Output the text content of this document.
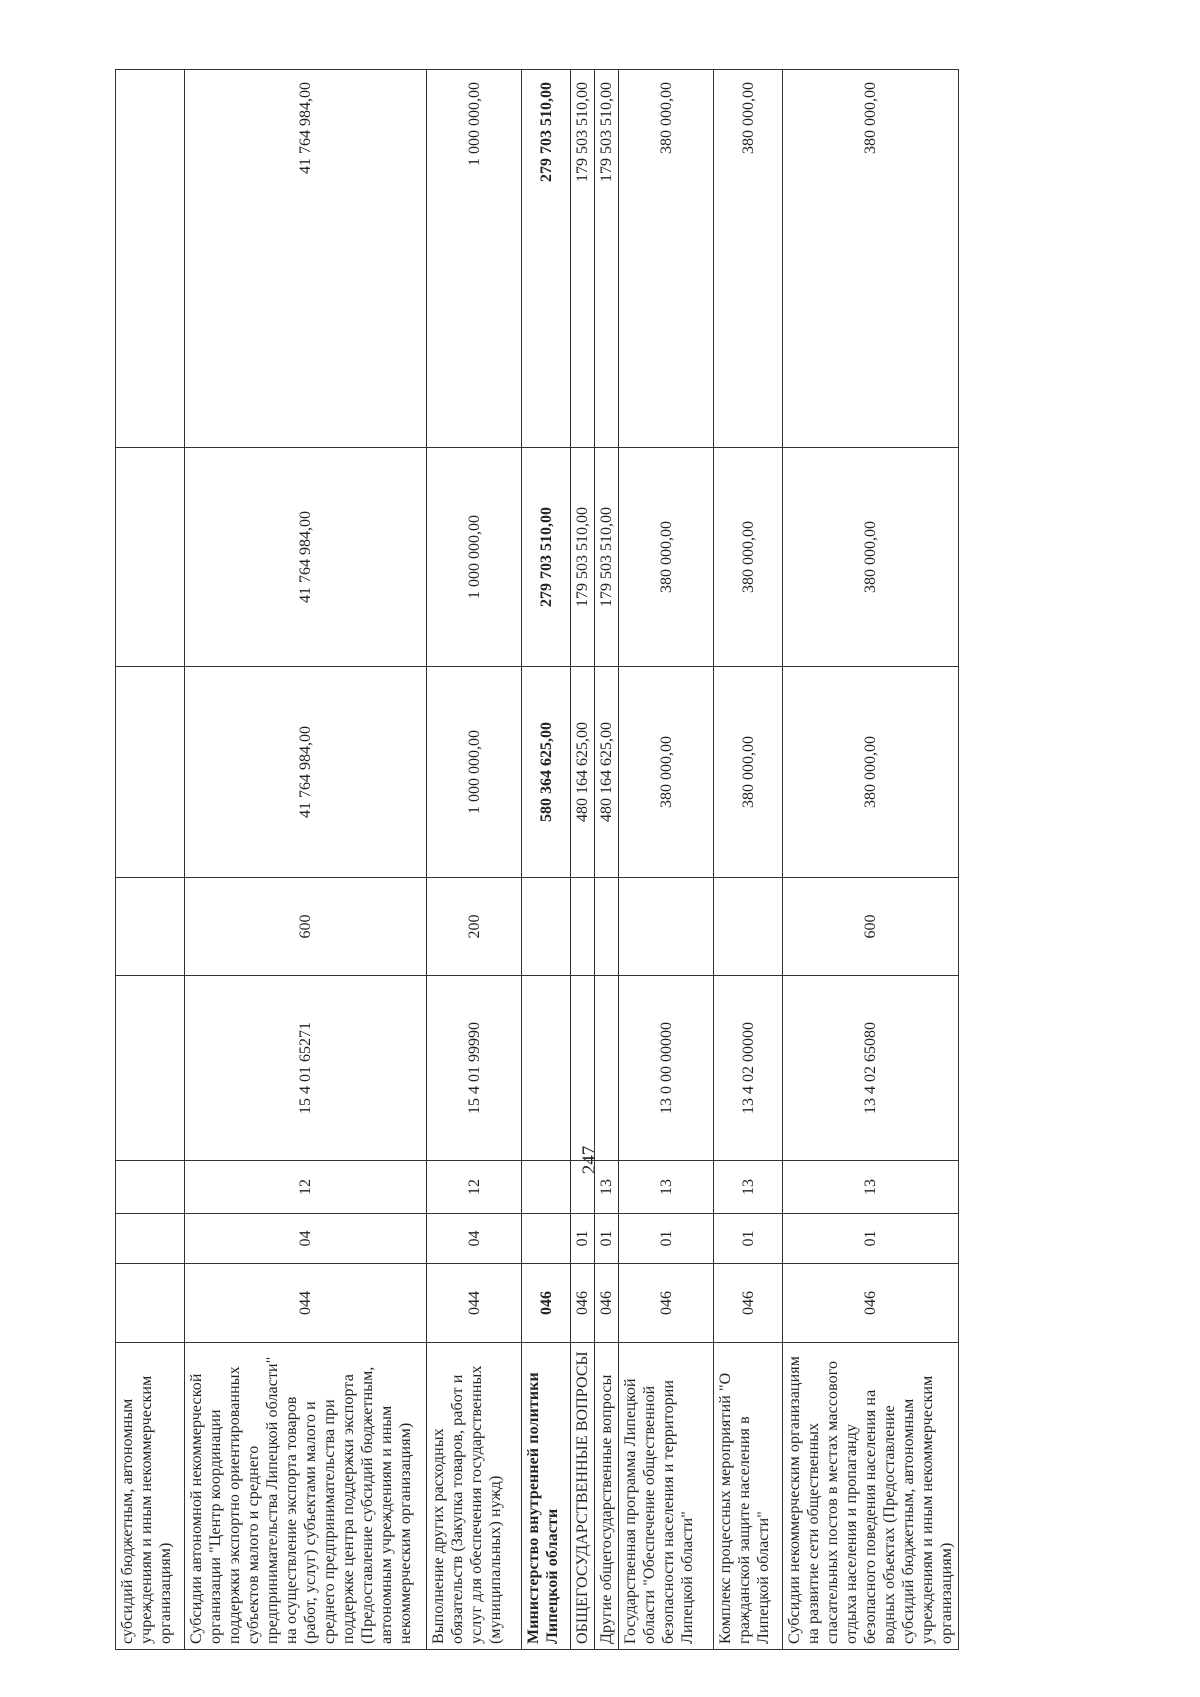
247
субсидий бюджетным, автономным учреждениям и иным некоммерческим организациям)								
Субсидии автономной некоммерческой организации "Центр координации поддержки экспортно ориентированных субъектов малого и среднего предпринимательства Липецкой области" на осуществление экспорта товаров (работ, услуг) субъектами малого и среднего предпринимательства при поддержке центра поддержки экспорта (Предоставление субсидий бюджетным, автономным учреждениям и иным некоммерческим организациям)	044	04	12	15 4 01 65271	600	41 764 984,00	41 764 984,00	41 764 984,00
Выполнение других расходных обязательств (Закупка товаров, работ и услуг для обеспечения государственных (муниципальных) нужд)	044	04	12	15 4 01 99990	200	1 000 000,00	1 000 000,00	1 000 000,00
Министерство внутренней политики Липецкой области	046					580 364 625,00	279 703 510,00	279 703 510,00
ОБЩЕГОСУДАРСТВЕННЫЕ ВОПРОСЫ	046	01				480 164 625,00	179 503 510,00	179 503 510,00
Другие общегосударственные вопросы	046	01	13			480 164 625,00	179 503 510,00	179 503 510,00
Государственная программа Липецкой области "Обеспечение общественной безопасности населения и территории Липецкой области"	046	01	13	13 0 00 00000		380 000,00	380 000,00	380 000,00
Комплекс процессных мероприятий "О гражданской защите населения в Липецкой области"	046	01	13	13 4 02 00000		380 000,00	380 000,00	380 000,00
Субсидии некоммерческим организациям на развитие сети общественных спасательных постов в местах массового отдыха населения и пропаганду безопасного поведения населения на водных объектах (Предоставление субсидий бюджетным, автономным учреждениям и иным некоммерческим организациям)	046	01	13	13 4 02 65080	600	380 000,00	380 000,00	380 000,00
